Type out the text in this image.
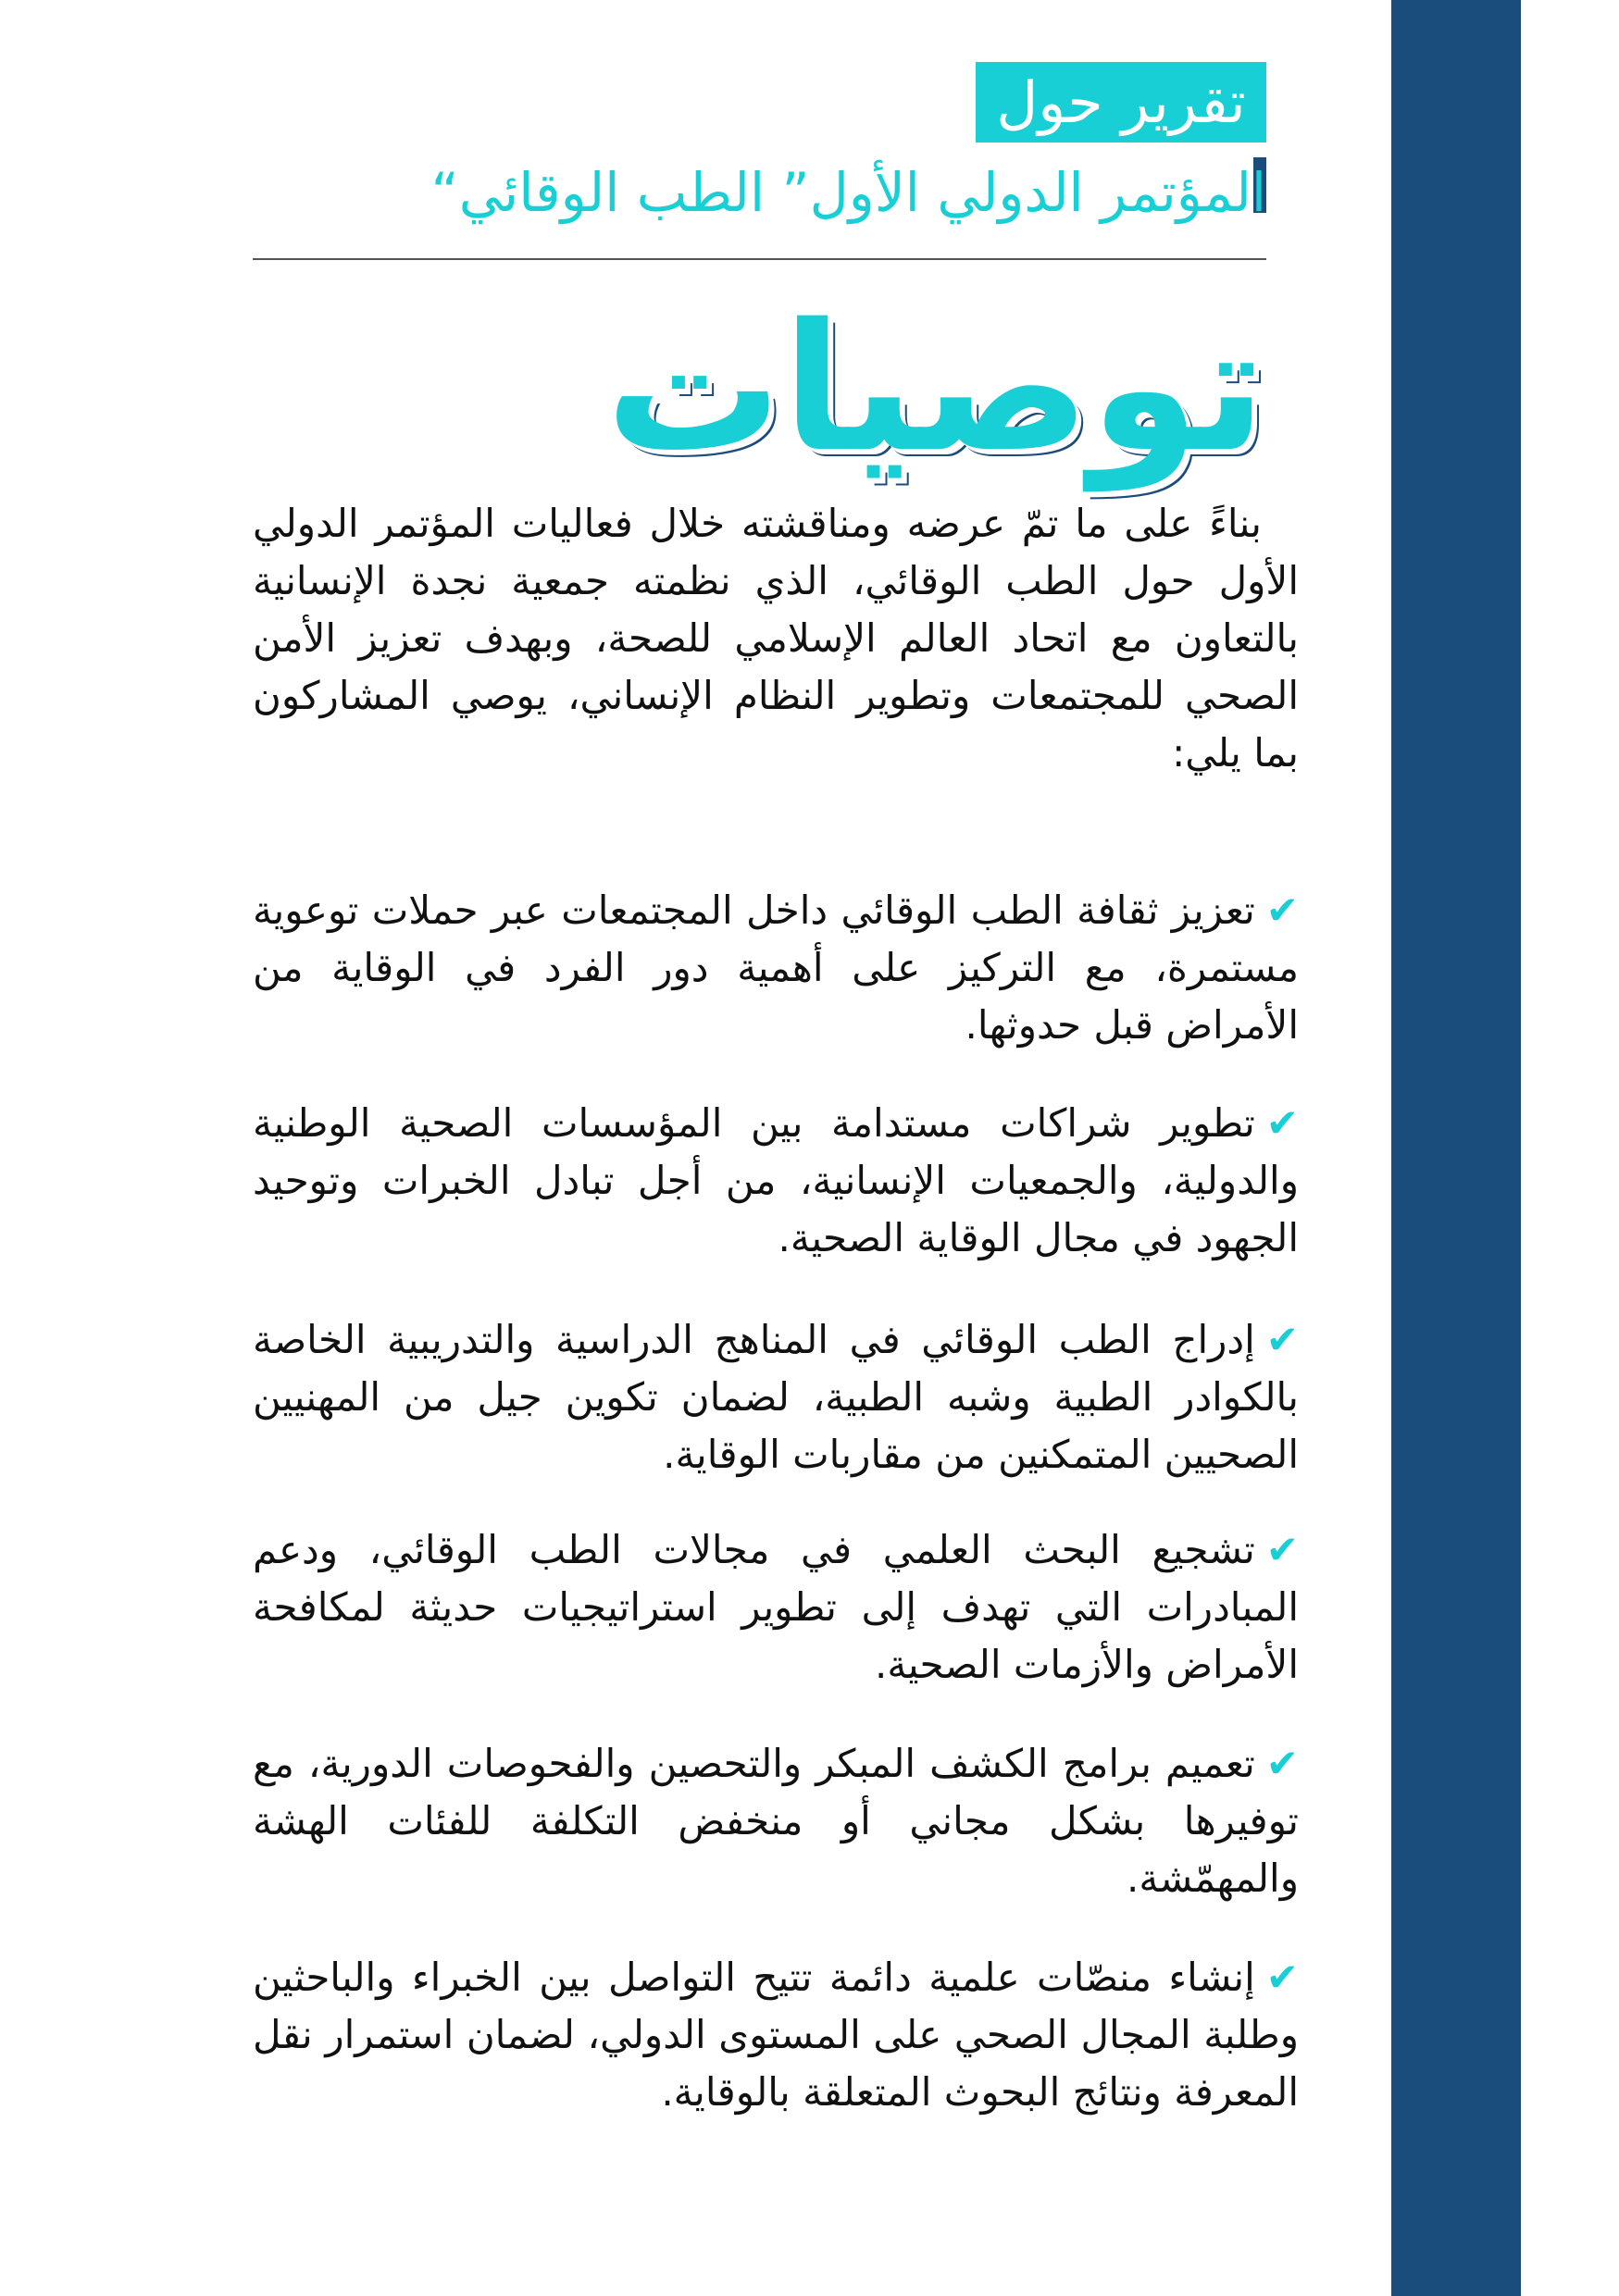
تقرير حول
المؤتمر الدولي الأول” الطب الوقائي“
توصيات

بناءً على ما تمّ عرضه ومناقشته خلال فعاليات المؤتمر الدولي الأول حول الطب الوقائي، الذي نظمته جمعية نجدة الإنسانية بالتعاون مع اتحاد العالم الإسلامي للصحة، وبهدف تعزيز الأمن الصحي للمجتمعات وتطوير النظام الإنساني، يوصي المشاركون بما يلي:

✔تعزيز ثقافة الطب الوقائي داخل المجتمعات عبر حملات توعوية مستمرة، مع التركيز على أهمية دور الفرد في الوقاية من الأمراض قبل حدوثها.

✔تطوير شراكات مستدامة بين المؤسسات الصحية الوطنية والدولية، والجمعيات الإنسانية، من أجل تبادل الخبرات وتوحيد الجهود في مجال الوقاية الصحية.

✔إدراج الطب الوقائي في المناهج الدراسية والتدريبية الخاصة بالكوادر الطبية وشبه الطبية، لضمان تكوين جيل من المهنيين الصحيين المتمكنين من مقاربات الوقاية.

✔تشجيع البحث العلمي في مجالات الطب الوقائي، ودعم المبادرات التي تهدف إلى تطوير استراتيجيات حديثة لمكافحة الأمراض والأزمات الصحية.

✔تعميم برامج الكشف المبكر والتحصين والفحوصات الدورية، مع توفيرها بشكل مجاني أو منخفض التكلفة للفئات الهشة والمهمّشة.

✔إنشاء منصّات علمية دائمة تتيح التواصل بين الخبراء والباحثين وطلبة المجال الصحي على المستوى الدولي، لضمان استمرار نقل المعرفة ونتائج البحوث المتعلقة بالوقاية.
